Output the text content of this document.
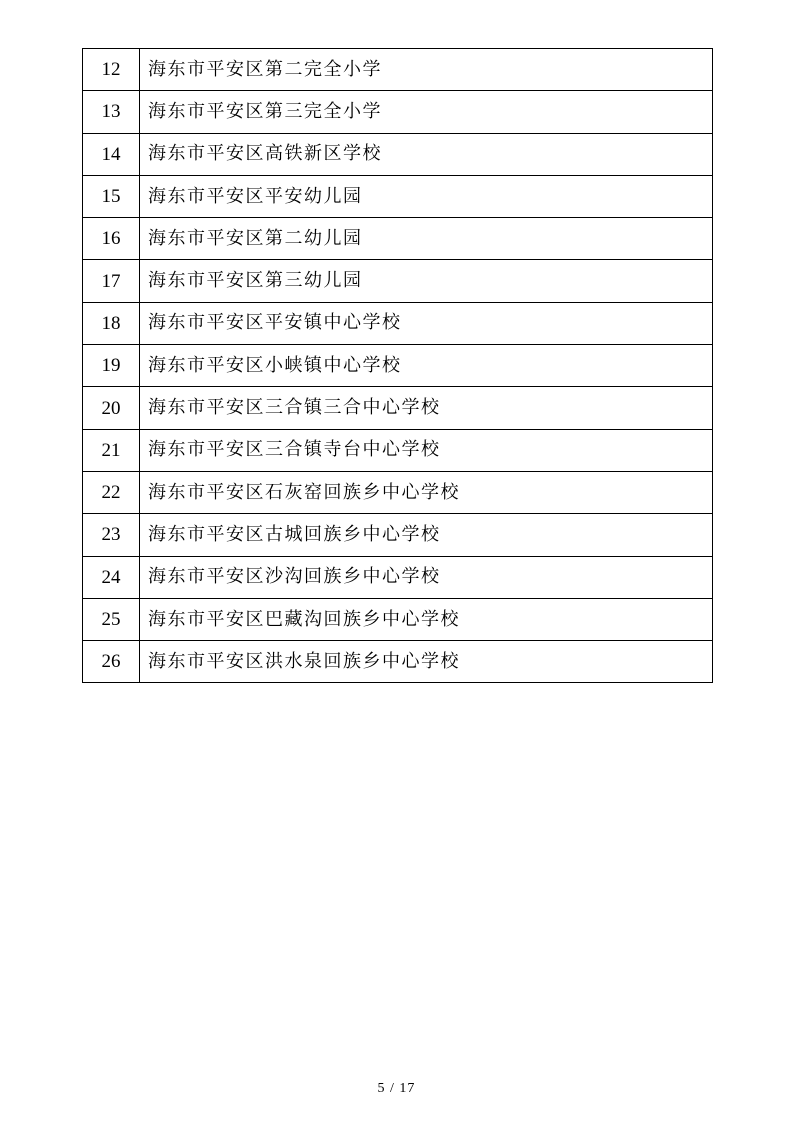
12	海东市平安区第二完全小学
13	海东市平安区第三完全小学
14	海东市平安区高铁新区学校
15	海东市平安区平安幼儿园
16	海东市平安区第二幼儿园
17	海东市平安区第三幼儿园
18	海东市平安区平安镇中心学校
19	海东市平安区小峡镇中心学校
20	海东市平安区三合镇三合中心学校
21	海东市平安区三合镇寺台中心学校
22	海东市平安区石灰窑回族乡中心学校
23	海东市平安区古城回族乡中心学校
24	海东市平安区沙沟回族乡中心学校
25	海东市平安区巴藏沟回族乡中心学校
26	海东市平安区洪水泉回族乡中心学校
5 / 17
